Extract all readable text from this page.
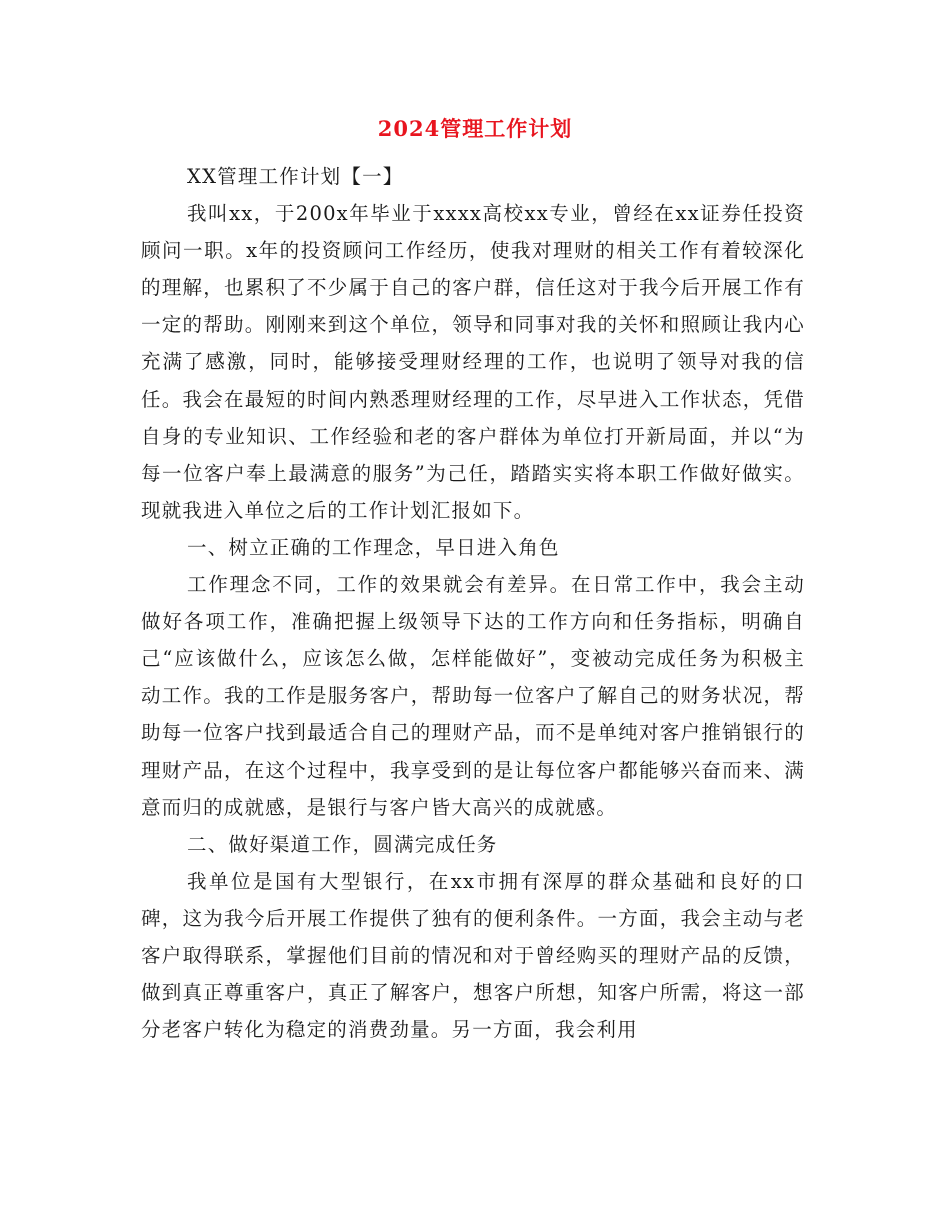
2024管理工作计划

XX管理工作计划【一】

我叫xx，于200x年毕业于xxxx高校xx专业，曾经在xx证券任投资顾问一职。x年的投资顾问工作经历，使我对理财的相关工作有着较深化的理解，也累积了不少属于自己的客户群，信任这对于我今后开展工作有一定的帮助。刚刚来到这个单位，领导和同事对我的关怀和照顾让我内心充满了感激，同时，能够接受理财经理的工作，也说明了领导对我的信任。我会在最短的时间内熟悉理财经理的工作，尽早进入工作状态，凭借自身的专业知识、工作经验和老的客户群体为单位打开新局面，并以“为每一位客户奉上最满意的服务”为己任，踏踏实实将本职工作做好做实。现就我进入单位之后的工作计划汇报如下。

一、树立正确的工作理念，早日进入角色

工作理念不同，工作的效果就会有差异。在日常工作中，我会主动做好各项工作，准确把握上级领导下达的工作方向和任务指标，明确自己“应该做什么，应该怎么做，怎样能做好”，变被动完成任务为积极主动工作。我的工作是服务客户，帮助每一位客户了解自己的财务状况，帮助每一位客户找到最适合自己的理财产品，而不是单纯对客户推销银行的理财产品，在这个过程中，我享受到的是让每位客户都能够兴奋而来、满意而归的成就感，是银行与客户皆大高兴的成就感。

二、做好渠道工作，圆满完成任务

我单位是国有大型银行，在xx市拥有深厚的群众基础和良好的口碑，这为我今后开展工作提供了独有的便利条件。一方面，我会主动与老客户取得联系，掌握他们目前的情况和对于曾经购买的理财产品的反馈，做到真正尊重客户，真正了解客户，想客户所想，知客户所需，将这一部分老客户转化为稳定的消费劲量。另一方面，我会利用
